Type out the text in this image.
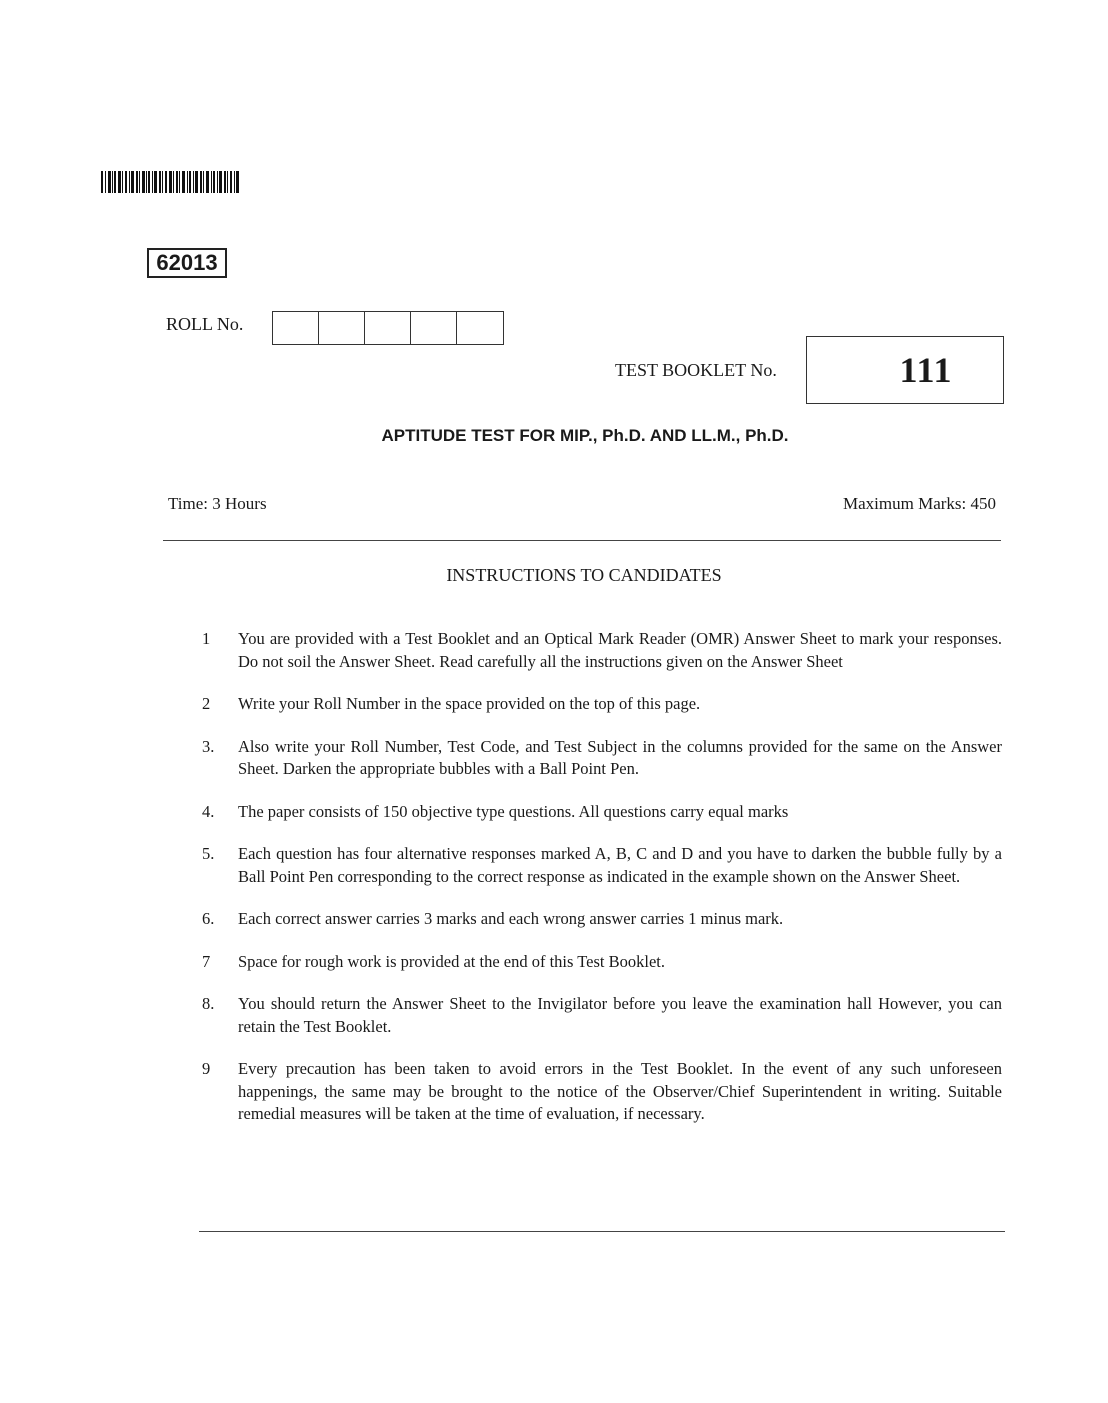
62013
ROLL No.
TEST BOOKLET No.	111
APTITUDE TEST FOR MIP., Ph.D. AND LL.M., Ph.D.
Time: 3 Hours	Maximum Marks: 450
INSTRUCTIONS TO CANDIDATES
1 You are provided with a Test Booklet and an Optical Mark Reader (OMR) Answer Sheet to mark your responses. Do not soil the Answer Sheet. Read carefully all the instructions given on the Answer Sheet
2 Write your Roll Number in the space provided on the top of this page.
3. Also write your Roll Number, Test Code, and Test Subject in the columns provided for the same on the Answer Sheet. Darken the appropriate bubbles with a Ball Point Pen.
4. The paper consists of 150 objective type questions. All questions carry equal marks
5. Each question has four alternative responses marked A, B, C and D and you have to darken the bubble fully by a Ball Point Pen corresponding to the correct response as indicated in the example shown on the Answer Sheet.
6. Each correct answer carries 3 marks and each wrong answer carries 1 minus mark.
7 Space for rough work is provided at the end of this Test Booklet.
8. You should return the Answer Sheet to the Invigilator before you leave the examination hall However, you can retain the Test Booklet.
9 Every precaution has been taken to avoid errors in the Test Booklet. In the event of any such unforeseen happenings, the same may be brought to the notice of the Observer/Chief Superintendent in writing. Suitable remedial measures will be taken at the time of evaluation, if necessary.
